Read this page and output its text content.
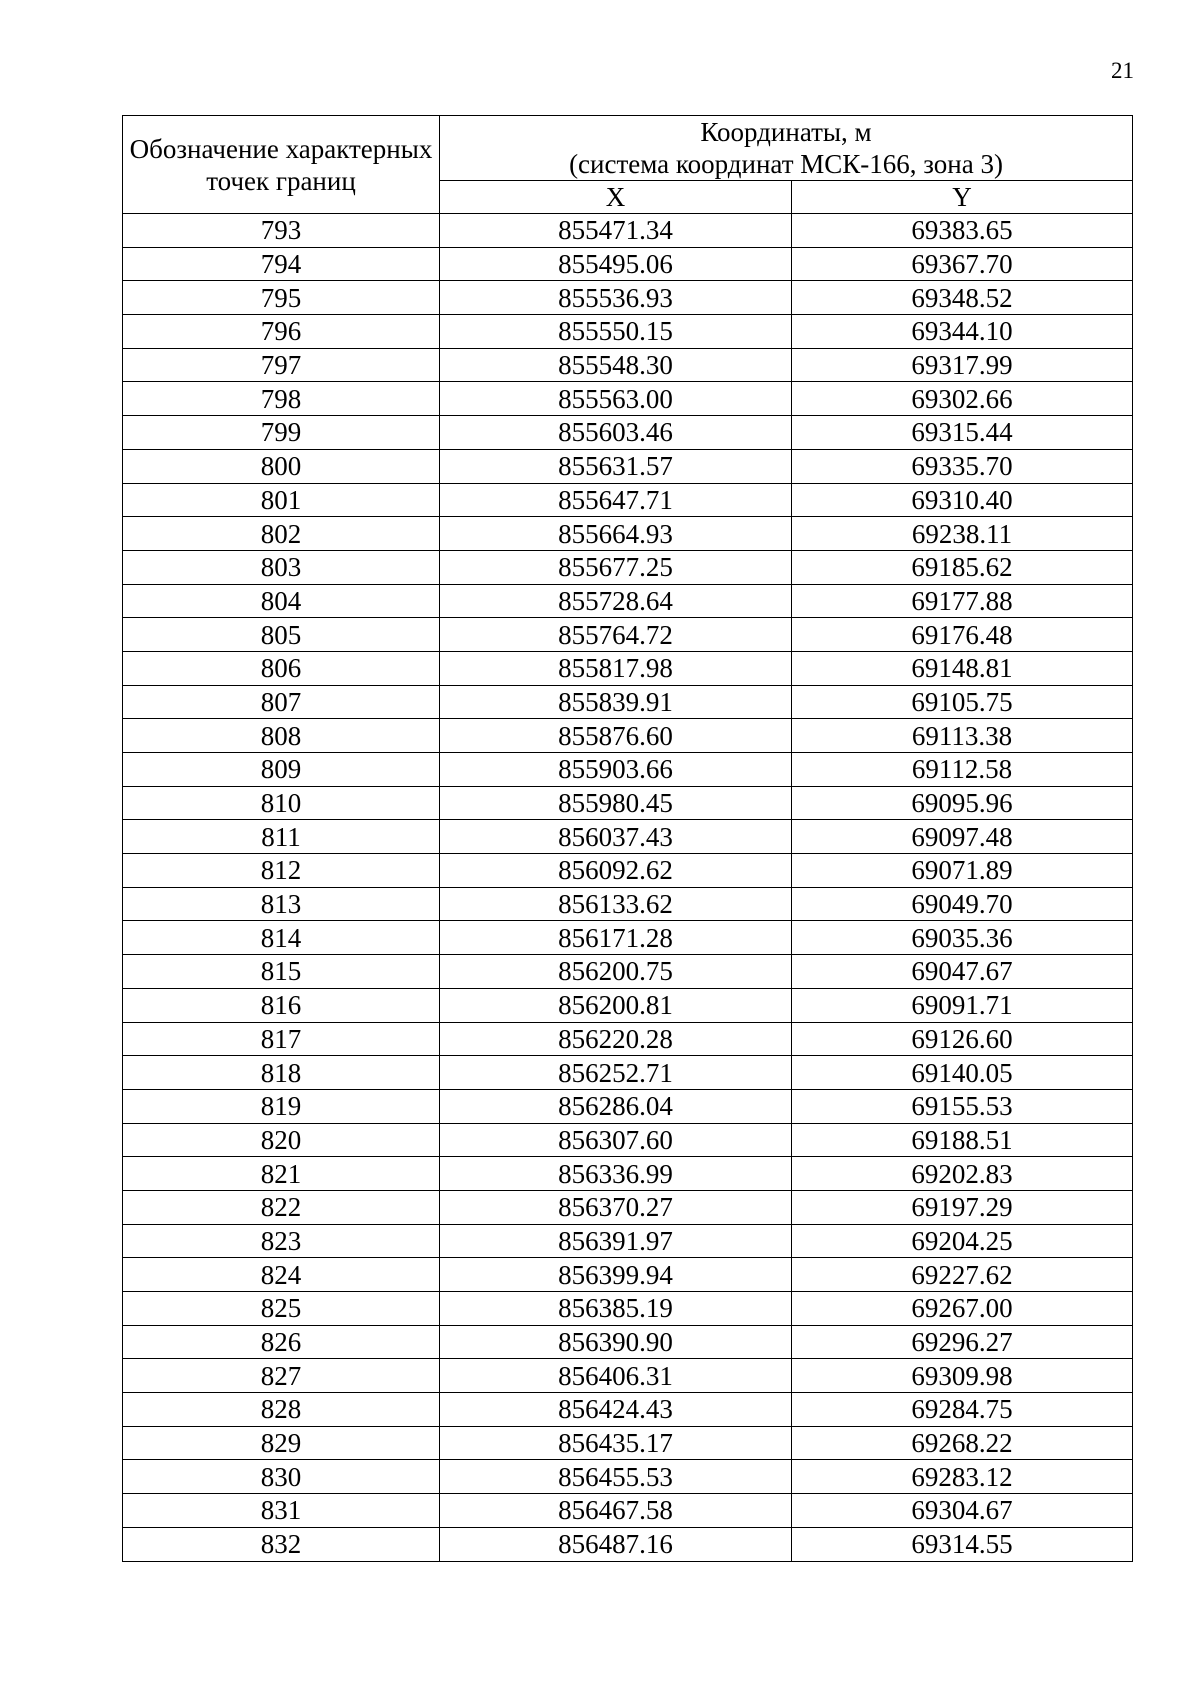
21
Обозначение характерных точек границ	Координаты, м
(система координат МСК-166, зона 3)	

	X	Y
793	855471.34	69383.65
794	855495.06	69367.70
795	855536.93	69348.52
796	855550.15	69344.10
797	855548.30	69317.99
798	855563.00	69302.66
799	855603.46	69315.44
800	855631.57	69335.70
801	855647.71	69310.40
802	855664.93	69238.11
803	855677.25	69185.62
804	855728.64	69177.88
805	855764.72	69176.48
806	855817.98	69148.81
807	855839.91	69105.75
808	855876.60	69113.38
809	855903.66	69112.58
810	855980.45	69095.96
811	856037.43	69097.48
812	856092.62	69071.89
813	856133.62	69049.70
814	856171.28	69035.36
815	856200.75	69047.67
816	856200.81	69091.71
817	856220.28	69126.60
818	856252.71	69140.05
819	856286.04	69155.53
820	856307.60	69188.51
821	856336.99	69202.83
822	856370.27	69197.29
823	856391.97	69204.25
824	856399.94	69227.62
825	856385.19	69267.00
826	856390.90	69296.27
827	856406.31	69309.98
828	856424.43	69284.75
829	856435.17	69268.22
830	856455.53	69283.12
831	856467.58	69304.67
832	856487.16	69314.55
